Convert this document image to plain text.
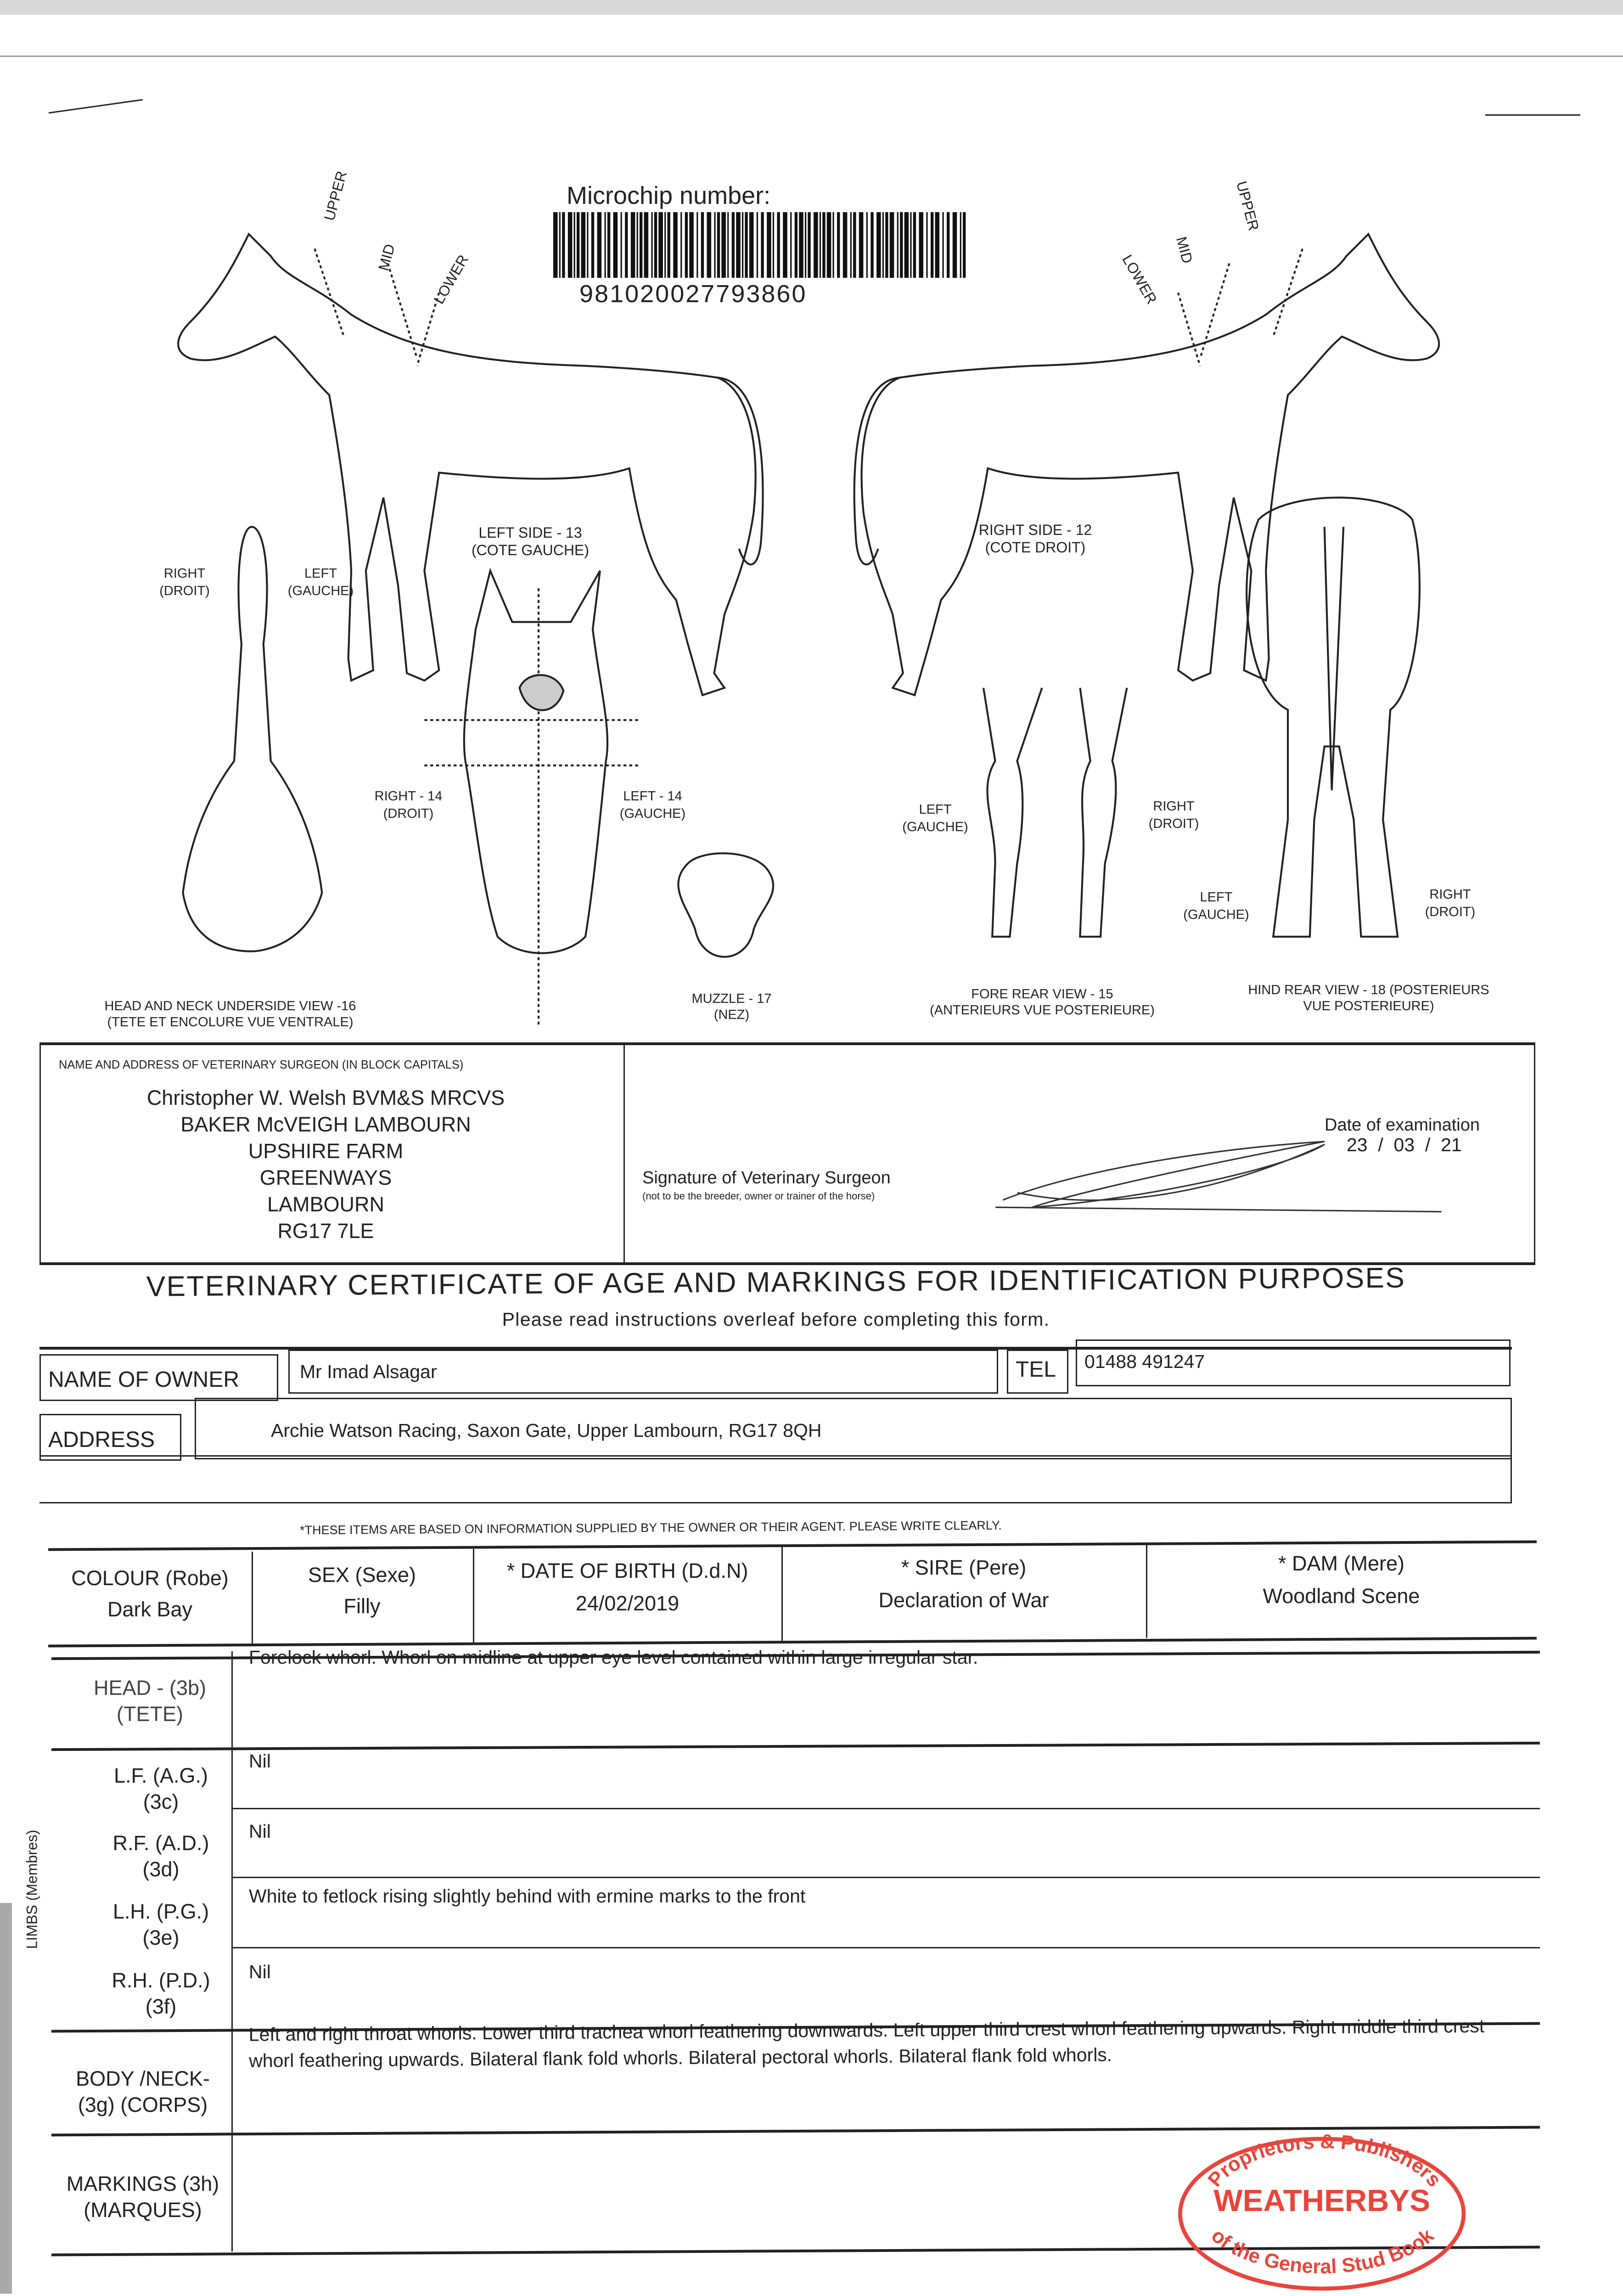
Microchip number:
981020027793860
UPPER
MID LOWER
UPPER
MID
LOWER
LEFT SIDE - 13
(COTE GAUCHE)
RIGHT SIDE - 12
(COTE DROIT)
RIGHT
(DROIT)
LEFT
(GAUCHE)
RIGHT - 14
(DROIT)
LEFT - 14
(GAUCHE)	LEFT
(GAUCHE)
RIGHT
(DROIT)
LEFT
(GAUCHE)
RIGHT
(DROIT)
HEAD AND NECK UNDERSIDE VIEW -16
(TETE ET ENCOLURE VUE VENTRALE)
MUZZLE - 17
(NEZ)
FORE REAR VIEW - 15
(ANTERIEURS VUE POSTERIEURE)
HIND REAR VIEW - 18 (POSTERIEURS
VUE POSTERIEURE)
NAME AND ADDRESS OF VETERINARY SURGEON (IN BLOCK CAPITALS)
Christopher W. Welsh BVM&S MRCVS
BAKER McVEIGH LAMBOURN
UPSHIRE FARM
GREENWAYS
LAMBOURN
RG17 7LE
Signature of Veterinary Surgeon
(not to be the breeder, owner or trainer of the horse)
Date of examination
23  /  03  /  21
VETERINARY CERTIFICATE OF AGE AND MARKINGS FOR IDENTIFICATION PURPOSES
Please read instructions overleaf before completing this form.
NAME OF OWNER	Mr Imad Alsagar	TEL 01488 491247
ADDRESS	Archie Watson Racing, Saxon Gate, Upper Lambourn, RG17 8QH
*THESE ITEMS ARE BASED ON INFORMATION SUPPLIED BY THE OWNER OR THEIR AGENT. PLEASE WRITE CLEARLY.
COLOUR (Robe)
Dark Bay
SEX (Sexe)
Filly
* DATE OF BIRTH (D.d.N)
24/02/2019
* SIRE (Pere)
Declaration of War
* DAM (Mere)
Woodland Scene
HEAD - (3b)
(TETE)
Forelock whorl. Whorl on midline at upper eye level contained within large irregular star.
LIMBS (Membres)
L.F. (A.G.)
(3c)
Nil
R.F. (A.D.)
(3d)
Nil
L.H. (P.G.)
(3e)
White to fetlock rising slightly behind with ermine marks to the front
R.H. (P.D.)
(3f)
Nil
BODY /NECK-
(3g) (CORPS)
Left and right throat whorls. Lower third trachea whorl feathering downwards. Left upper third crest whorl feathering upwards. Right middle third crest whorl feathering upwards. Bilateral flank fold whorls. Bilateral pectoral whorls. Bilateral flank fold whorls.
MARKINGS (3h)
(MARQUES)
Proprietors & Publishers
WEATHERBYS
of the General Stud Book
